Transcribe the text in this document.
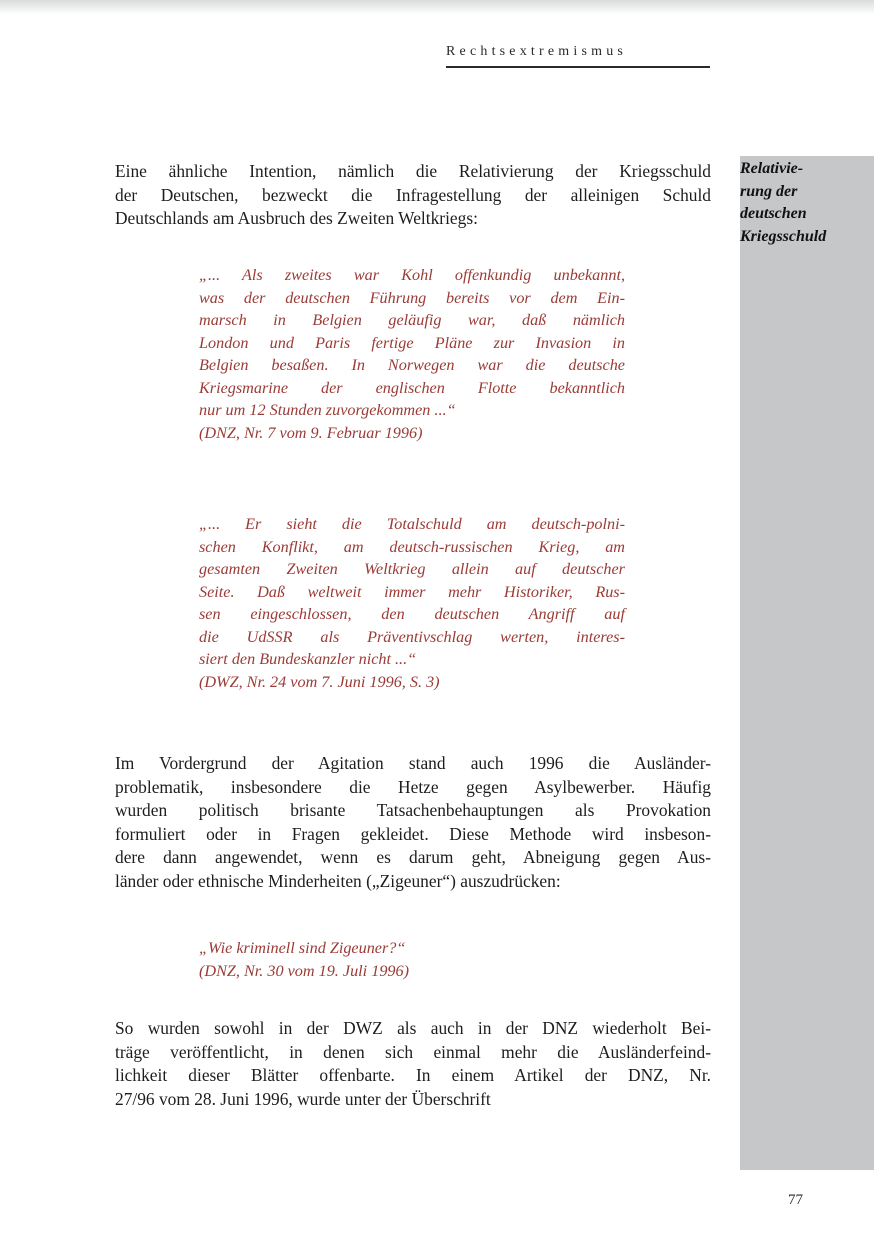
Rechtsextremismus
Relativie-
rung der
deutschen
Kriegsschuld
Eine ähnliche Intention, nämlich die Relativierung der Kriegsschuld
der Deutschen, bezweckt die Infragestellung der alleinigen Schuld
Deutschlands am Ausbruch des Zweiten Weltkriegs:
„... Als zweites war Kohl offenkundig unbekannt,
was der deutschen Führung bereits vor dem Ein-
marsch in Belgien geläufig war, daß nämlich
London und Paris fertige Pläne zur Invasion in
Belgien besaßen. In Norwegen war die deutsche
Kriegsmarine der englischen Flotte bekanntlich
nur um 12 Stunden zuvorgekommen ...“
(DNZ, Nr. 7 vom 9. Februar 1996)
„... Er sieht die Totalschuld am deutsch-polni-
schen Konflikt, am deutsch-russischen Krieg, am
gesamten Zweiten Weltkrieg allein auf deutscher
Seite. Daß weltweit immer mehr Historiker, Rus-
sen eingeschlossen, den deutschen Angriff auf
die UdSSR als Präventivschlag werten, interes-
siert den Bundeskanzler nicht ...“
(DWZ, Nr. 24 vom 7. Juni 1996, S. 3)
Im Vordergrund der Agitation stand auch 1996 die Ausländer-
problematik, insbesondere die Hetze gegen Asylbewerber. Häufig
wurden politisch brisante Tatsachenbehauptungen als Provokation
formuliert oder in Fragen gekleidet. Diese Methode wird insbeson-
dere dann angewendet, wenn es darum geht, Abneigung gegen Aus-
länder oder ethnische Minderheiten („Zigeuner“) auszudrücken:
„Wie kriminell sind Zigeuner?“
(DNZ, Nr. 30 vom 19. Juli 1996)
So wurden sowohl in der DWZ als auch in der DNZ wiederholt Bei-
träge veröffentlicht, in denen sich einmal mehr die Ausländerfeind-
lichkeit dieser Blätter offenbarte. In einem Artikel der DNZ, Nr.
27/96 vom 28. Juni 1996, wurde unter der Überschrift
77
